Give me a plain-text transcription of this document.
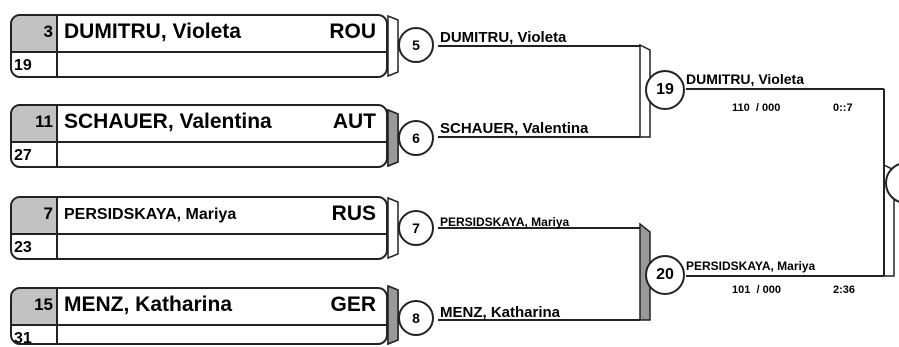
3
19
DUMITRU, Violeta	ROU
11
27
SCHAUER, Valentina	AUT
7
23
PERSIDSKAYA, Mariya	RUS
15
31
MENZ, Katharina	GER
5
6
7
8
DUMITRU, Violeta
SCHAUER, Valentina
PERSIDSKAYA, Mariya
MENZ, Katharina
19
20
DUMITRU, Violeta
110  / 000	0::7
PERSIDSKAYA, Mariya
101  / 000	2:36
